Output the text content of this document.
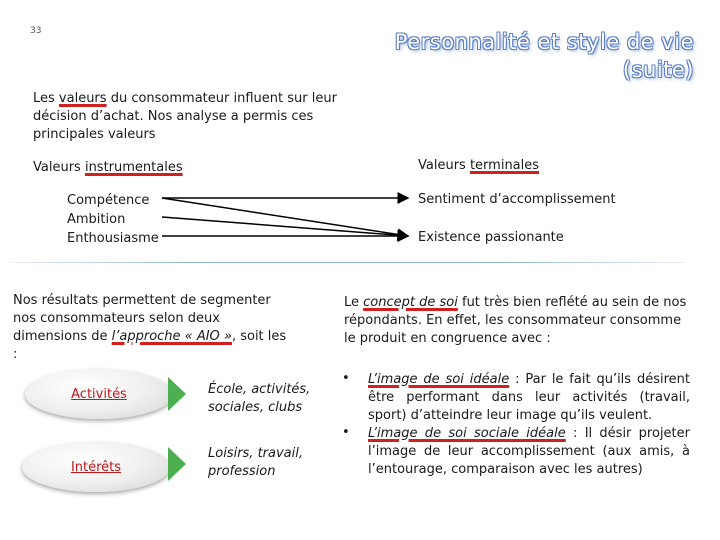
33	Personnalité et style de vie
(suite)
Les valeurs du consommateur influent sur leur décision d’achat. Nos analyse a permis ces principales valeurs
Valeurs instrumentales	Valeurs terminales
Compétence
Ambition
Enthousiasme
Sentiment d’accomplissement
Existence passionante
Nos résultats permettent de segmenter nos consommateurs selon deux dimensions de l’approche « AIO », soit les :
Activités
Intérêts
École, activités, sociales, clubs
Loisirs, travail, profession
Le concept de soi fut très bien reflété au sein de nos répondants. En effet, les consommateur consomme le produit en congruence avec :
•	L’image de soi idéale : Par le fait qu’ils désirent être performant dans leur activités (travail, sport) d’atteindre leur image qu’ils veulent.
•	L’image de soi sociale idéale : Il désir projeter l’image de leur accomplissement (aux amis, à l’entourage, comparaison avec les autres)
